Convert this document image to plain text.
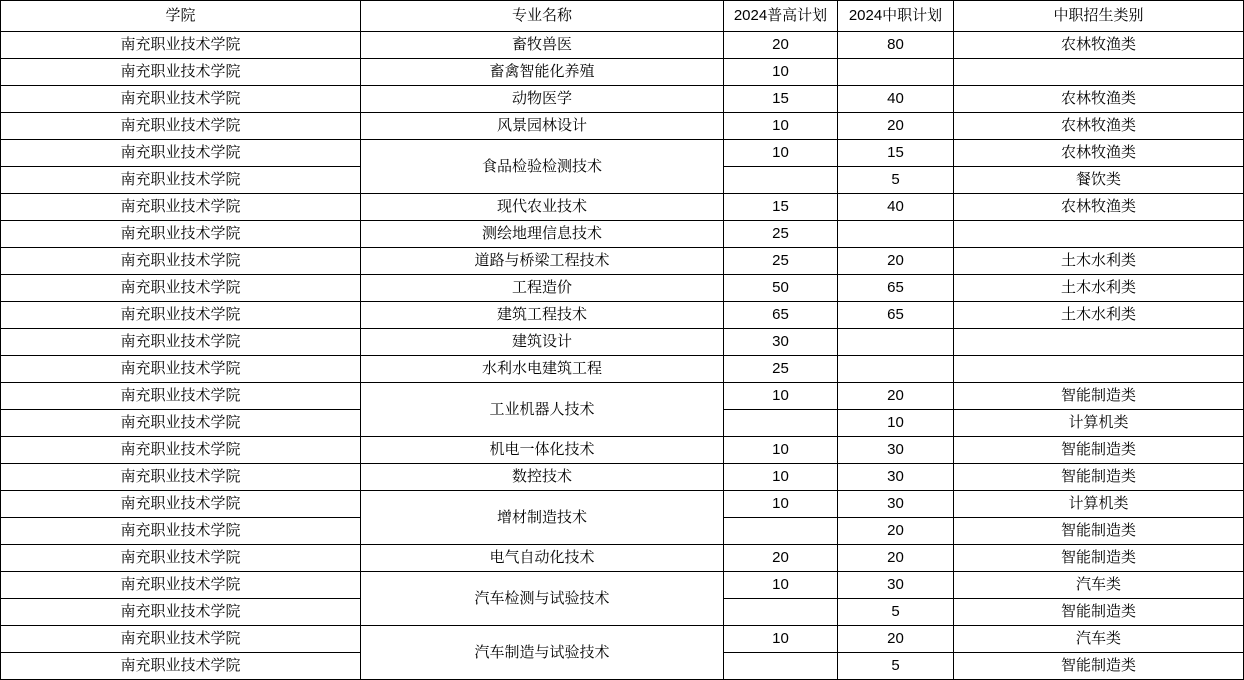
学院	专业名称	2024普高计划	2024中职计划	中职招生类别
南充职业技术学院	畜牧兽医	20	80	农林牧渔类
南充职业技术学院	畜禽智能化养殖	10		
南充职业技术学院	动物医学	15	40	农林牧渔类
南充职业技术学院	风景园林设计	10	20	农林牧渔类
南充职业技术学院	食品检验检测技术	10	15	农林牧渔类
南充职业技术学院			5	餐饮类
南充职业技术学院	现代农业技术	15	40	农林牧渔类
南充职业技术学院	测绘地理信息技术	25		
南充职业技术学院	道路与桥梁工程技术	25	20	土木水利类
南充职业技术学院	工程造价	50	65	土木水利类
南充职业技术学院	建筑工程技术	65	65	土木水利类
南充职业技术学院	建筑设计	30		
南充职业技术学院	水利水电建筑工程	25		
南充职业技术学院	工业机器人技术	10	20	智能制造类
南充职业技术学院			10	计算机类
南充职业技术学院	机电一体化技术	10	30	智能制造类
南充职业技术学院	数控技术	10	30	智能制造类
南充职业技术学院	增材制造技术	10	30	计算机类
南充职业技术学院			20	智能制造类
南充职业技术学院	电气自动化技术	20	20	智能制造类
南充职业技术学院	汽车检测与试验技术	10	30	汽车类
南充职业技术学院			5	智能制造类
南充职业技术学院	汽车制造与试验技术	10	20	汽车类
南充职业技术学院			5	智能制造类
